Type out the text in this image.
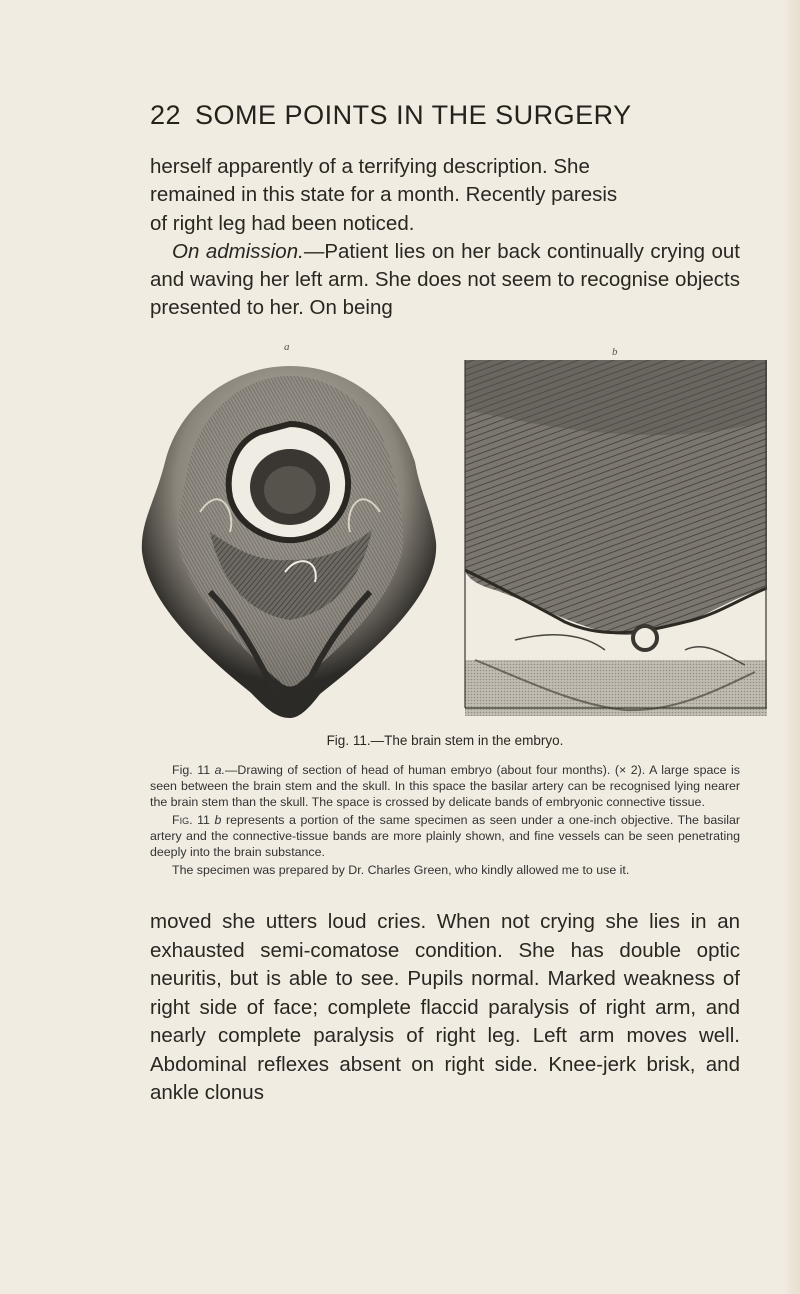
22 SOME POINTS IN THE SURGERY

herself apparently of a terrifying description. She

remained in this state for a month. Recently paresis

of right leg had been noticed.

On admission.—Patient lies on her back continually crying out and waving her left arm. She does not seem to recognise objects presented to her. On being

a	b
Fig. 11.—The brain stem in the embryo.

Fig. 11 a.—Drawing of section of head of human embryo (about four months). (× 2). A large space is seen between the brain stem and the skull. In this space the basilar artery can be recognised lying nearer the brain stem than the skull. The space is crossed by delicate bands of embryonic connective tissue.

Fig. 11 b represents a portion of the same specimen as seen under a one-inch objective. The basilar artery and the connective-tissue bands are more plainly shown, and fine vessels can be seen penetrating deeply into the brain substance.

The specimen was prepared by Dr. Charles Green, who kindly allowed me to use it.

moved she utters loud cries. When not crying she lies in an exhausted semi-comatose condition. She has double optic neuritis, but is able to see. Pupils normal. Marked weakness of right side of face; complete flaccid paralysis of right arm, and nearly complete paralysis of right leg. Left arm moves well. Abdominal reflexes absent on right side. Knee-jerk brisk, and ankle clonus
